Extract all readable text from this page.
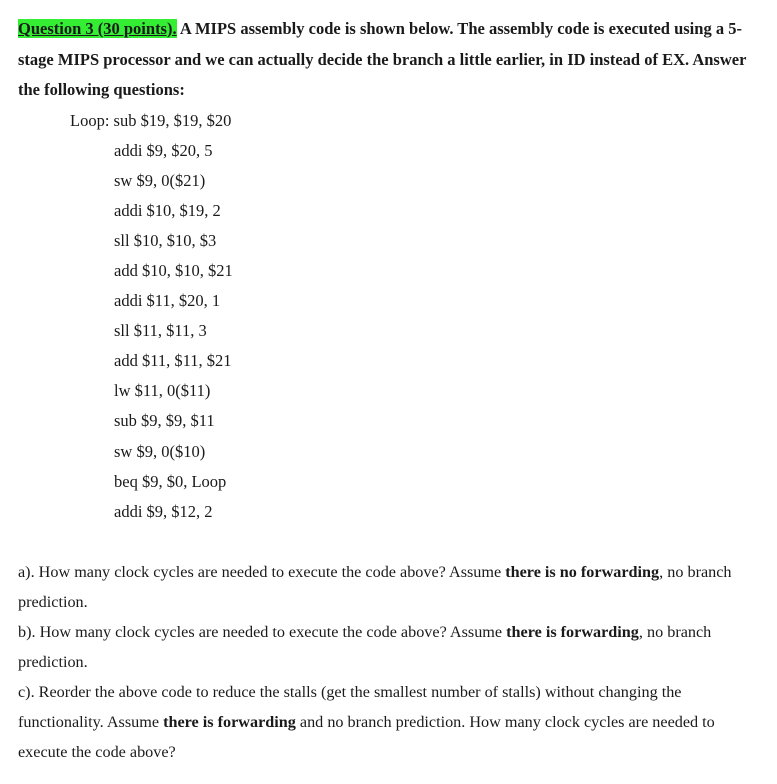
Question 3 (30 points). A MIPS assembly code is shown below. The assembly code is executed using a 5-stage MIPS processor and we can actually decide the branch a little earlier, in ID instead of EX. Answer the following questions:

Loop: sub $19, $19, $20
addi $9, $20, 5
sw $9, 0($21)
addi $10, $19, 2
sll $10, $10, $3
add $10, $10, $21
addi $11, $20, 1
sll $11, $11, 3
add $11, $11, $21
lw $11, 0($11)
sub $9, $9, $11
sw $9, 0($10)
beq $9, $0, Loop
addi $9, $12, 2

a). How many clock cycles are needed to execute the code above? Assume there is no forwarding, no branch prediction.

b). How many clock cycles are needed to execute the code above? Assume there is forwarding, no branch prediction.

c). Reorder the above code to reduce the stalls (get the smallest number of stalls) without changing the functionality. Assume there is forwarding and no branch prediction. How many clock cycles are needed to execute the code above?
